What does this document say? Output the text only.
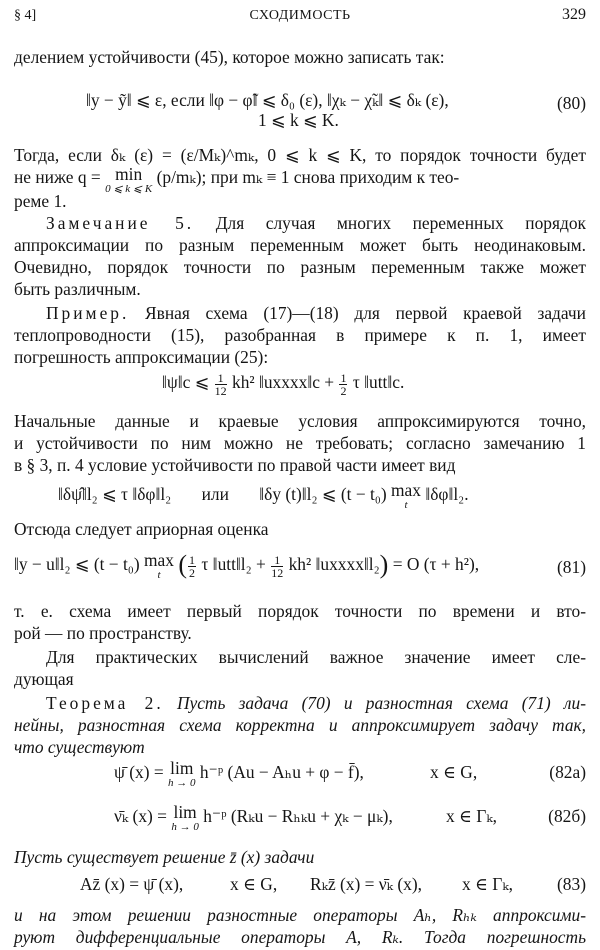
§ 4]	СХОДИМОСТЬ	329
делением устойчивости (45), которое можно записать так:
‖y − ỹ‖ ⩽ ε, если ‖φ − φ̃‖ ⩽ δ₀ (ε), ‖χₖ − χ̃ₖ‖ ⩽ δₖ (ε),	(80)
1 ⩽ k ⩽ K.
Тогда, если δₖ (ε) = (ε/Mₖ)^mₖ, 0 ⩽ k ⩽ K, то порядок точности будет
не ниже q = min
0 ⩽ k ⩽ K
(p/mₖ); при mₖ ≡ 1 снова приходим к тео-
реме 1.
Замечание 5. Для случая многих переменных порядок
аппроксимации по разным переменным может быть неодинаковым.
Очевидно, порядок точности по разным переменным также может
быть различным.
Пример. Явная схема (17)—(18) для первой краевой задачи
теплопроводности (15), разобранная в примере к п. 1, имеет
погрешность аппроксимации (25):
‖ψ‖c ⩽ $\frac{1}{12} kh^2$ ‖uxxxx‖c + $\frac{1}{2}$ τ ‖utt‖c.
Начальные данные и краевые условия аппроксимируются точно,
и устойчивости по ним можно не требовать; согласно замечанию 1
в § 3, п. 4 условие устойчивости по правой части имеет вид
‖δψ̂‖l₂ ⩽ τ ‖δφ‖l₂ или ‖δy (t)‖l₂ ⩽ (t − t₀) max
t
‖δφ‖l₂.
Отсюда следует априорная оценка
‖y − u‖l₂ ⩽ (t − t₀) max
t ( $\frac{1}{2}$ τ ‖utt‖l₂ + $\frac{1}{12} kh^2$ ‖uxxxx‖l₂) = O (τ + h²),	(81)
т. е. схема имеет первый порядок точности по времени и вто-
рой — по пространству.
Для практических вычислений важное значение имеет сле-
дующая
Теорема 2. Пусть задача (70) и разностная схема (71) ли-
нейны, разностная схема корректна и аппроксимирует задачу так,
что существуют
ψ̄ (x) = lim
h → 0
h⁻ᵖ (Au − Aₕu + φ − f̄),	x ∈ G,	(82а)
ν̄ₖ (x) = lim
h → 0
h⁻ᵖ (Rₖu − Rₕₖu + χₖ − μₖ),	x ∈ Γₖ,	(82б)
Пусть существует решение z̄ (x) задачи
Az̄ (x) = ψ̄ (x),	x ∈ G, Rₖz̄ (x) = ν̄ₖ (x), x ∈ Γₖ,	(83)
и на этом решении разностные операторы Aₕ, Rₕₖ аппроксими-
руют дифференциальные операторы A, Rₖ. Тогда погрешность
